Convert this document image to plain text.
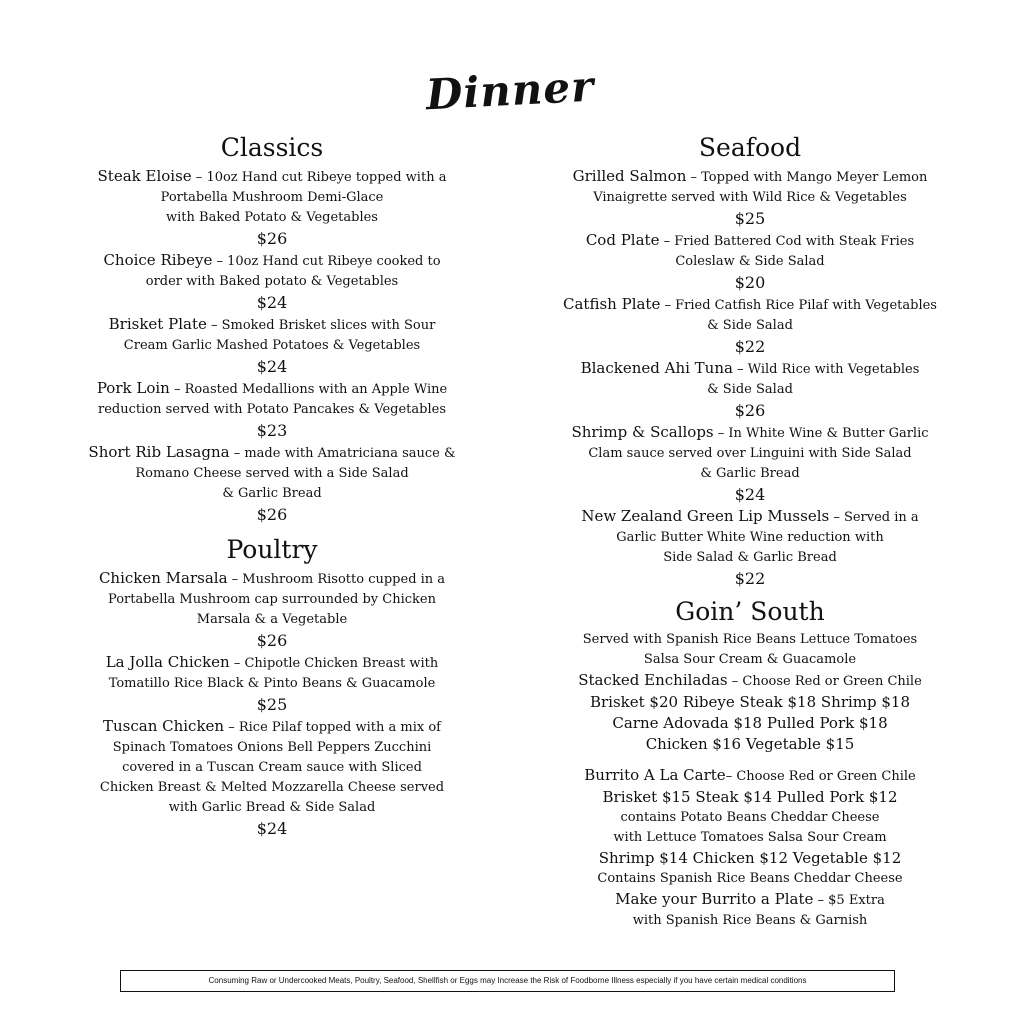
Dinner
Classics
Steak Eloise – 10oz Hand cut Ribeye topped with a
Portabella Mushroom Demi-Glace
with Baked Potato & Vegetables
$26
Choice Ribeye – 10oz Hand cut Ribeye cooked to
order with Baked potato & Vegetables
$24
Brisket Plate – Smoked Brisket slices with Sour
Cream Garlic Mashed Potatoes & Vegetables
$24
Pork Loin – Roasted Medallions with an Apple Wine
reduction served with Potato Pancakes & Vegetables
$23
Short Rib Lasagna – made with Amatriciana sauce &
Romano Cheese served with a Side Salad
& Garlic Bread
$26
Poultry
Chicken Marsala – Mushroom Risotto cupped in a
Portabella Mushroom cap surrounded by Chicken
Marsala & a Vegetable
$26
La Jolla Chicken – Chipotle Chicken Breast with
Tomatillo Rice Black & Pinto Beans & Guacamole
$25
Tuscan Chicken – Rice Pilaf topped with a mix of
Spinach Tomatoes Onions Bell Peppers Zucchini
covered in a Tuscan Cream sauce with Sliced
Chicken Breast & Melted Mozzarella Cheese served
with Garlic Bread & Side Salad
$24
Seafood
Grilled Salmon – Topped with Mango Meyer Lemon
Vinaigrette served with Wild Rice & Vegetables
$25
Cod Plate – Fried Battered Cod with Steak Fries
Coleslaw & Side Salad
$20
Catfish Plate – Fried Catfish Rice Pilaf with Vegetables
& Side Salad
$22
Blackened Ahi Tuna – Wild Rice with Vegetables
& Side Salad
$26
Shrimp & Scallops – In White Wine & Butter Garlic
Clam sauce served over Linguini with Side Salad
& Garlic Bread
$24
New Zealand Green Lip Mussels – Served in a
Garlic Butter White Wine reduction with
Side Salad & Garlic Bread
$22
Goin’ South
Served with Spanish Rice Beans Lettuce Tomatoes
Salsa Sour Cream & Guacamole
Stacked Enchiladas – Choose Red or Green Chile
Brisket $20 Ribeye Steak $18 Shrimp $18
Carne Adovada $18 Pulled Pork $18
Chicken $16 Vegetable $15
Burrito A La Carte– Choose Red or Green Chile
Brisket $15 Steak $14 Pulled Pork $12
contains Potato Beans Cheddar Cheese
with Lettuce Tomatoes Salsa Sour Cream
Shrimp $14 Chicken $12 Vegetable $12
Contains Spanish Rice Beans Cheddar Cheese
Make your Burrito a Plate – $5 Extra
with Spanish Rice Beans & Garnish
Consuming Raw or Undercooked Meats, Poultry, Seafood, Shellfish or Eggs may Increase the Risk of Foodborne Illness especially if you have certain medical conditions
